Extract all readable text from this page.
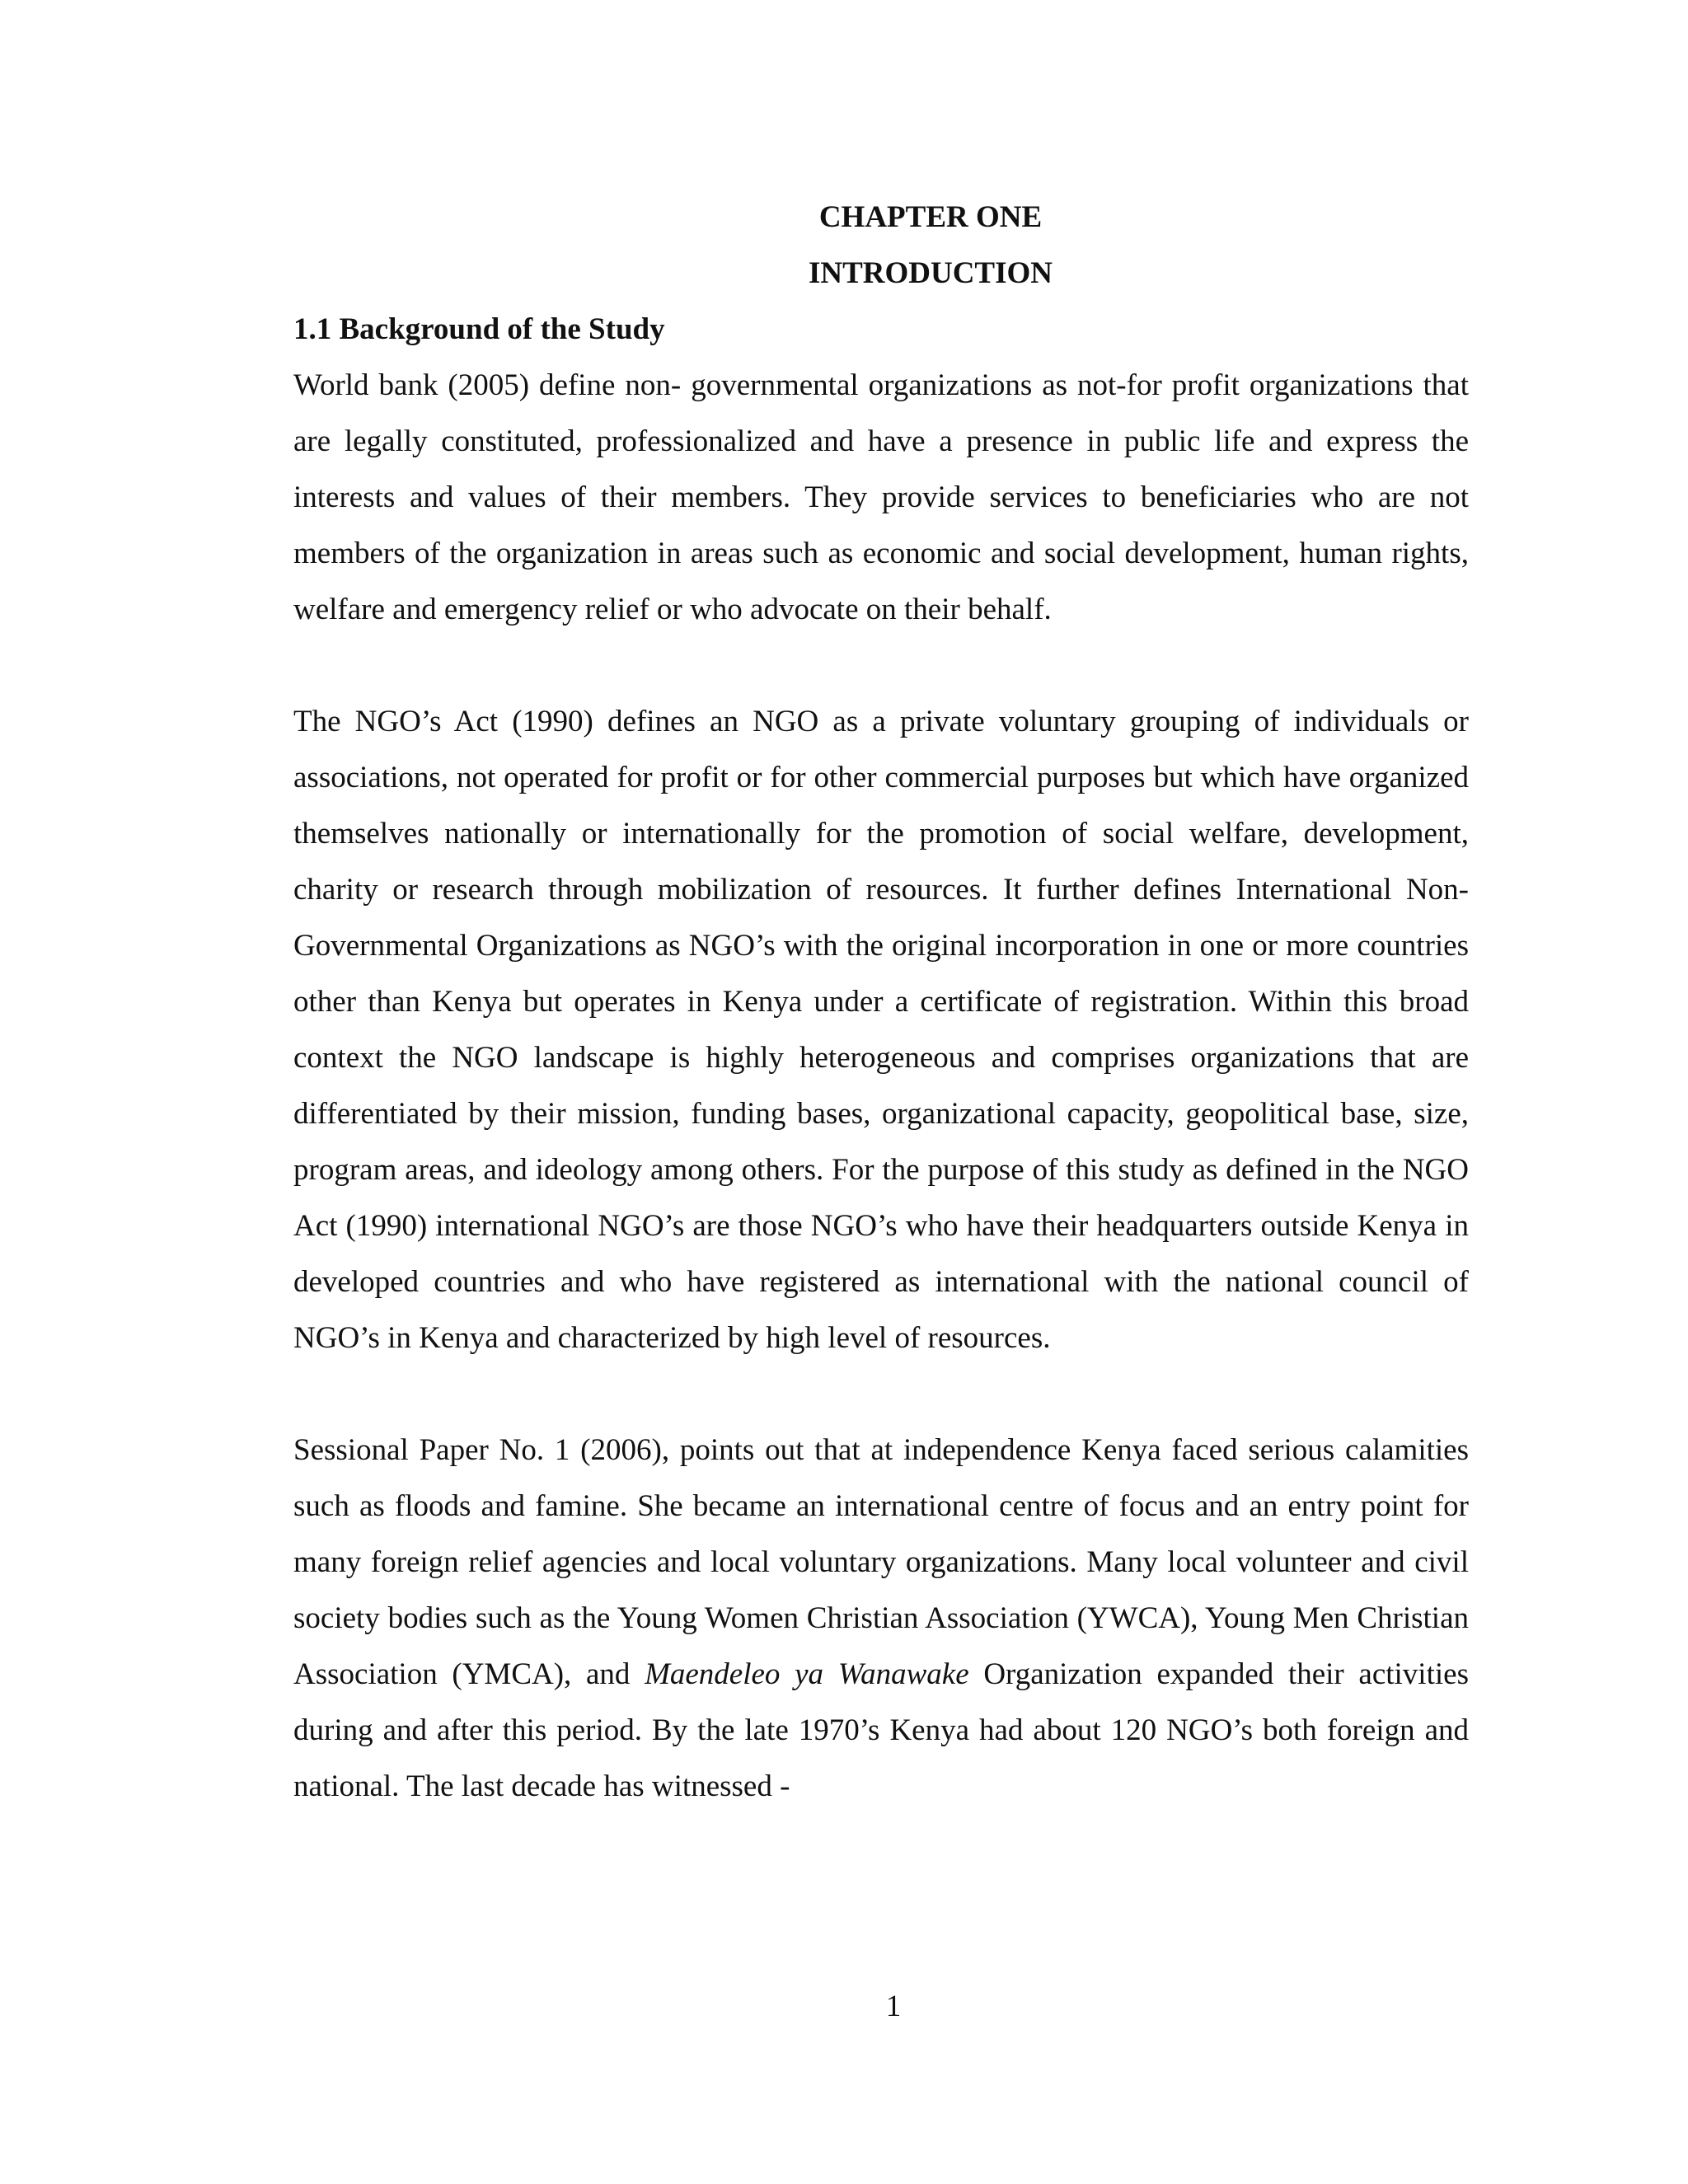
CHAPTER ONE

INTRODUCTION

1.1 Background of the Study

World bank (2005) define non- governmental organizations as not-for profit organizations that are legally constituted, professionalized and have a presence in public life and express the interests and values of their members. They provide services to beneficiaries who are not members of the organization in areas such as economic and social development, human rights, welfare and emergency relief or who advocate on their behalf.

The NGO’s Act (1990) defines an NGO as a private voluntary grouping of individuals or associations, not operated for profit or for other commercial purposes but which have organized themselves nationally or internationally for the promotion of social welfare, development, charity or research through mobilization of resources. It further defines International Non- Governmental Organizations as NGO’s with the original incorporation in one or more countries other than Kenya but operates in Kenya under a certificate of registration. Within this broad context the NGO landscape is highly heterogeneous and comprises organizations that are differentiated by their mission, funding bases, organizational capacity, geopolitical base, size, program areas, and ideology among others. For the purpose of this study as defined in the NGO Act (1990) international NGO’s are those NGO’s who have their headquarters outside Kenya in developed countries and who have registered as international with the national council of NGO’s in Kenya and characterized by high level of resources.

Sessional Paper No. 1 (2006), points out that at independence Kenya faced serious calamities such as floods and famine. She became an international centre of focus and an entry point for many foreign relief agencies and local voluntary organizations. Many local volunteer and civil society bodies such as the Young Women Christian Association (YWCA), Young Men Christian Association (YMCA), and Maendeleo ya Wanawake Organization expanded their activities during and after this period. By the late 1970’s Kenya had about 120 NGO’s both foreign and national. The last decade has witnessed -

1
